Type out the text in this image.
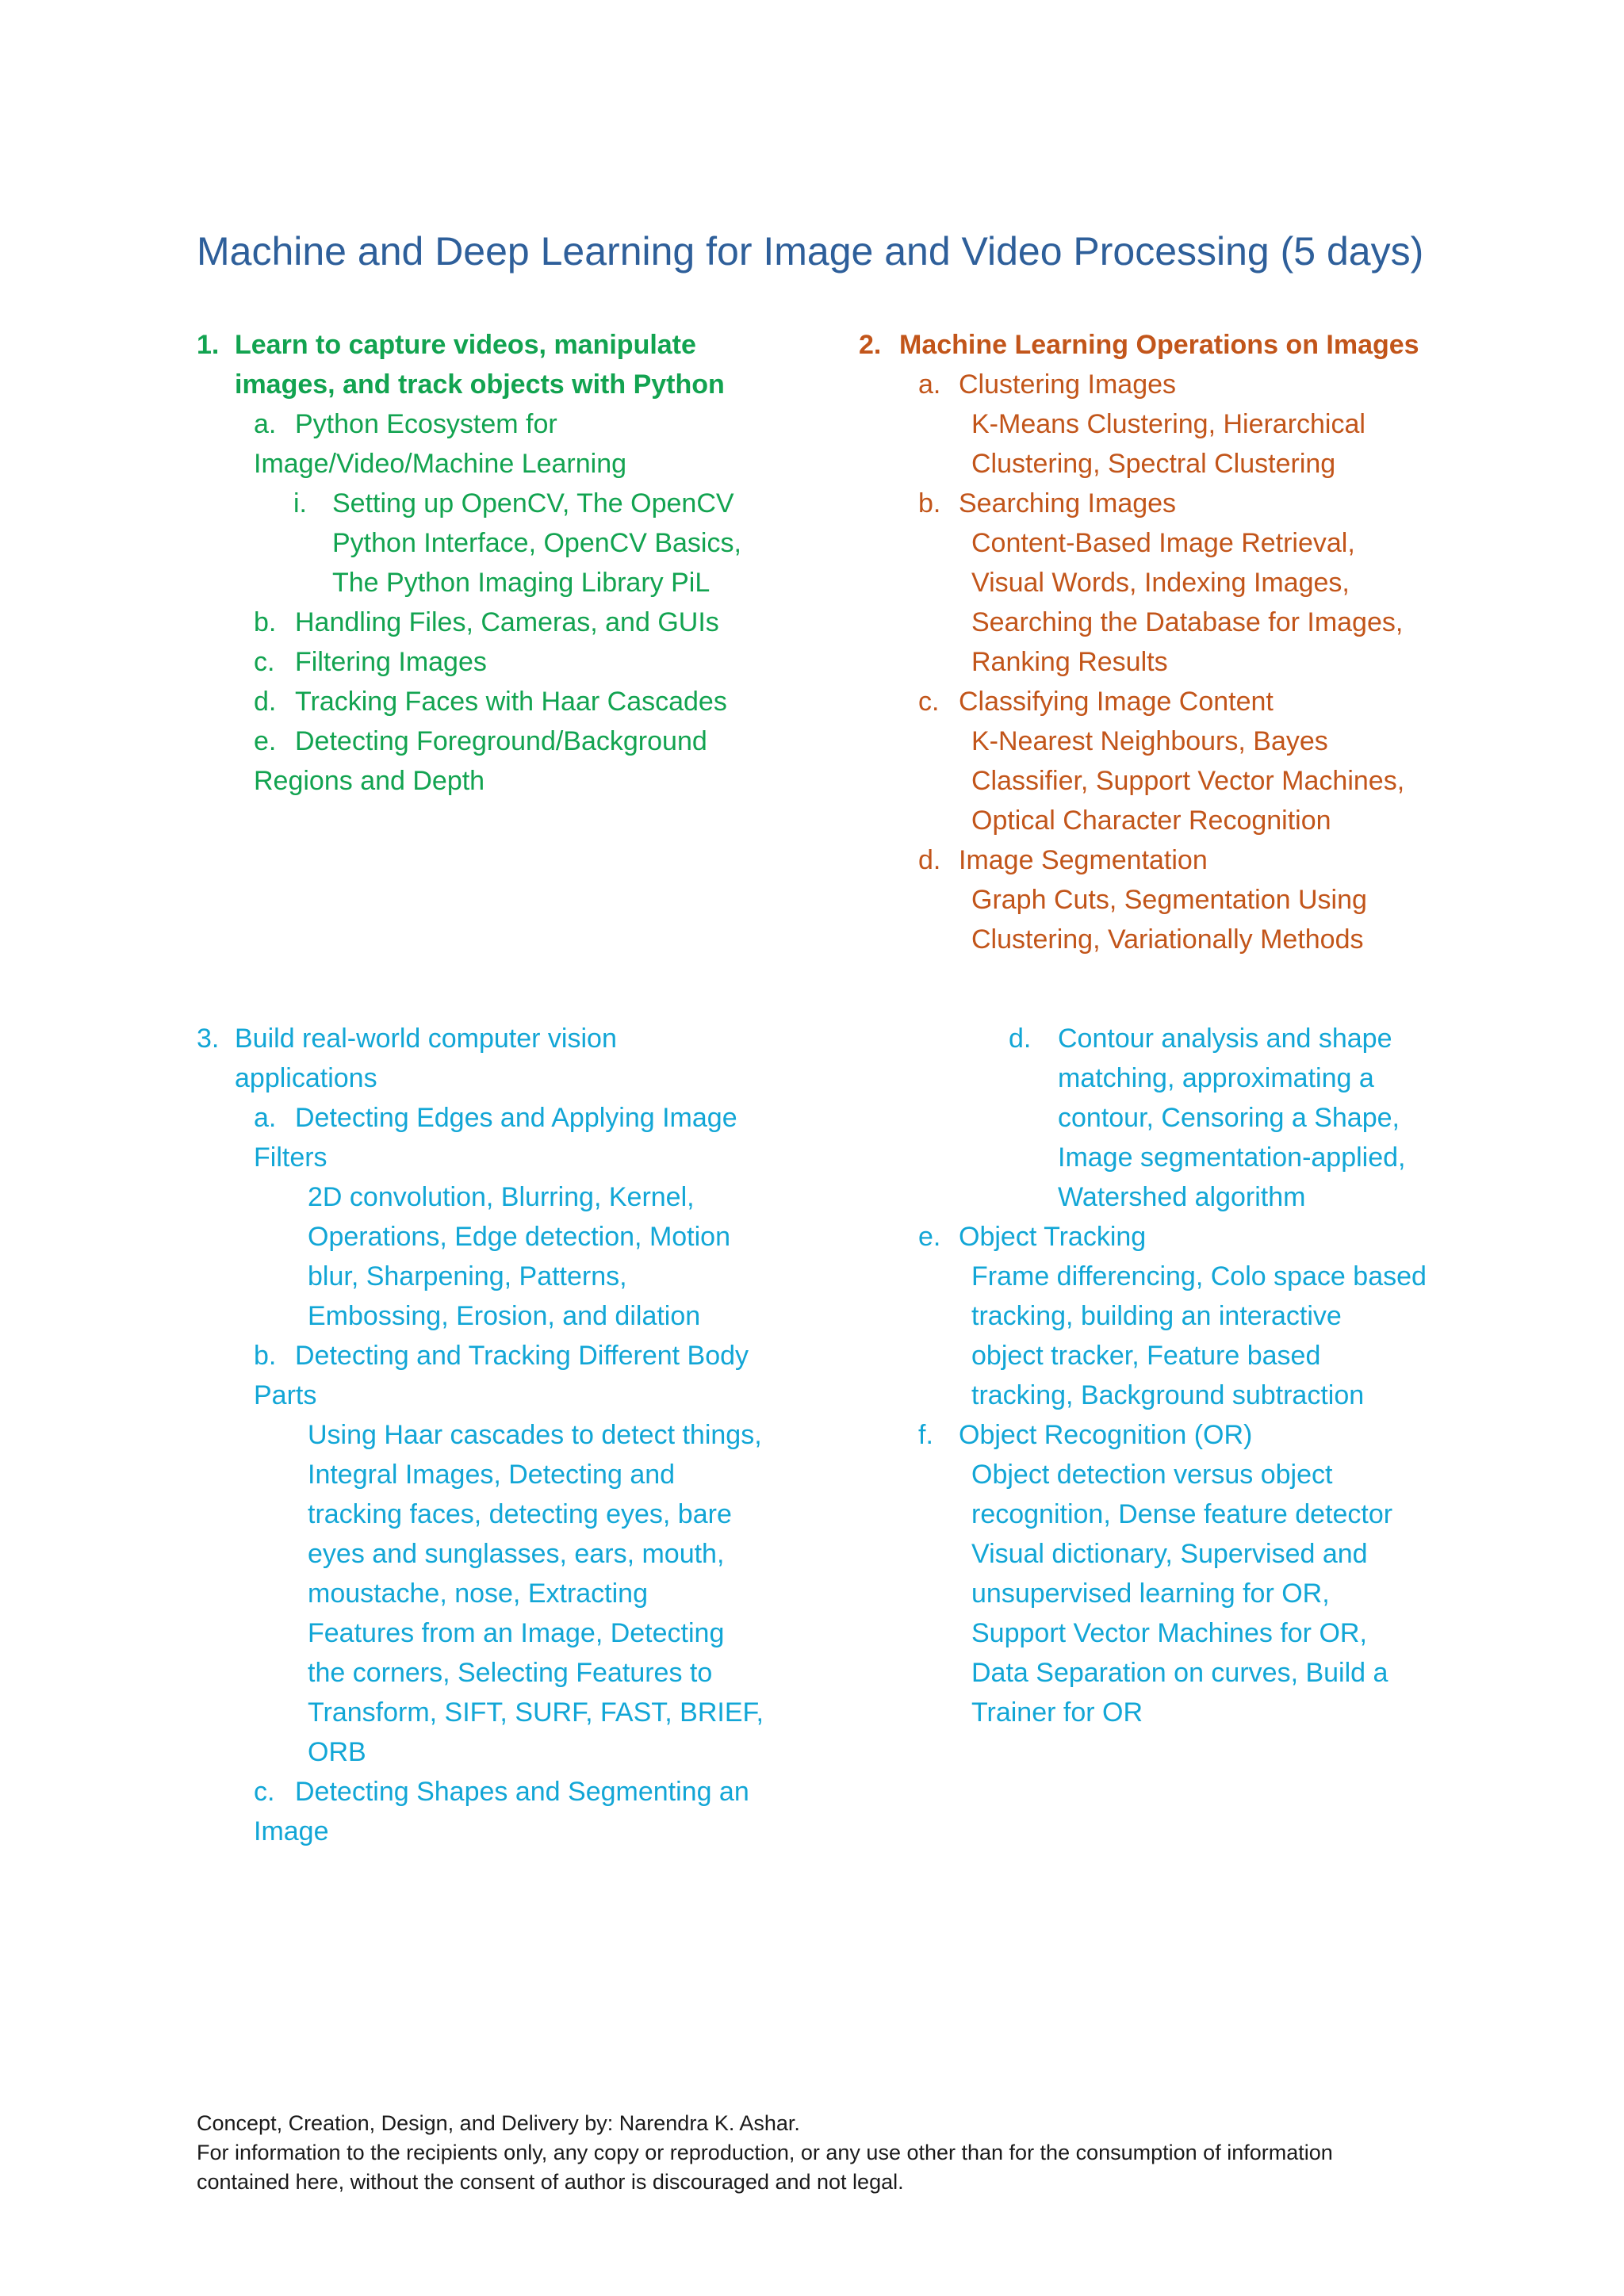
Machine and Deep Learning for Image and Video Processing (5 days)
1. Learn to capture videos, manipulate
images, and track objects with Python
a. Python Ecosystem for
Image/Video/Machine Learning
i. Setting up OpenCV, The OpenCV
Python Interface, OpenCV Basics,
The Python Imaging Library PiL
b. Handling Files, Cameras, and GUIs
c. Filtering Images
d. Tracking Faces with Haar Cascades
e. Detecting Foreground/Background
Regions and Depth
2. Machine Learning Operations on Images
a. Clustering Images
K-Means Clustering, Hierarchical
Clustering, Spectral Clustering
b. Searching Images
Content-Based Image Retrieval,
Visual Words, Indexing Images,
Searching the Database for Images,
Ranking Results
c. Classifying Image Content
K-Nearest Neighbours, Bayes
Classifier, Support Vector Machines,
Optical Character Recognition
d. Image Segmentation
Graph Cuts, Segmentation Using
Clustering, Variationally Methods
3. Build real-world computer vision
applications
a. Detecting Edges and Applying Image
Filters
2D convolution, Blurring, Kernel,
Operations, Edge detection, Motion
blur, Sharpening, Patterns,
Embossing, Erosion, and dilation
b. Detecting and Tracking Different Body
Parts
Using Haar cascades to detect things,
Integral Images, Detecting and
tracking faces, detecting eyes, bare
eyes and sunglasses, ears, mouth,
moustache, nose, Extracting
Features from an Image, Detecting
the corners, Selecting Features to
Transform, SIFT, SURF, FAST, BRIEF,
ORB
c. Detecting Shapes and Segmenting an
Image
d. Contour analysis and shape
matching, approximating a
contour, Censoring a Shape,
Image segmentation-applied,
Watershed algorithm
e. Object Tracking
Frame differencing, Colo space based
tracking, building an interactive
object tracker, Feature based
tracking, Background subtraction
f. Object Recognition (OR)
Object detection versus object
recognition, Dense feature detector
Visual dictionary, Supervised and
unsupervised learning for OR,
Support Vector Machines for OR,
Data Separation on curves, Build a
Trainer for OR
Concept, Creation, Design, and Delivery by: Narendra K. Ashar.
For information to the recipients only, any copy or reproduction, or any use other than for the consumption of information
contained here, without the consent of author is discouraged and not legal.
